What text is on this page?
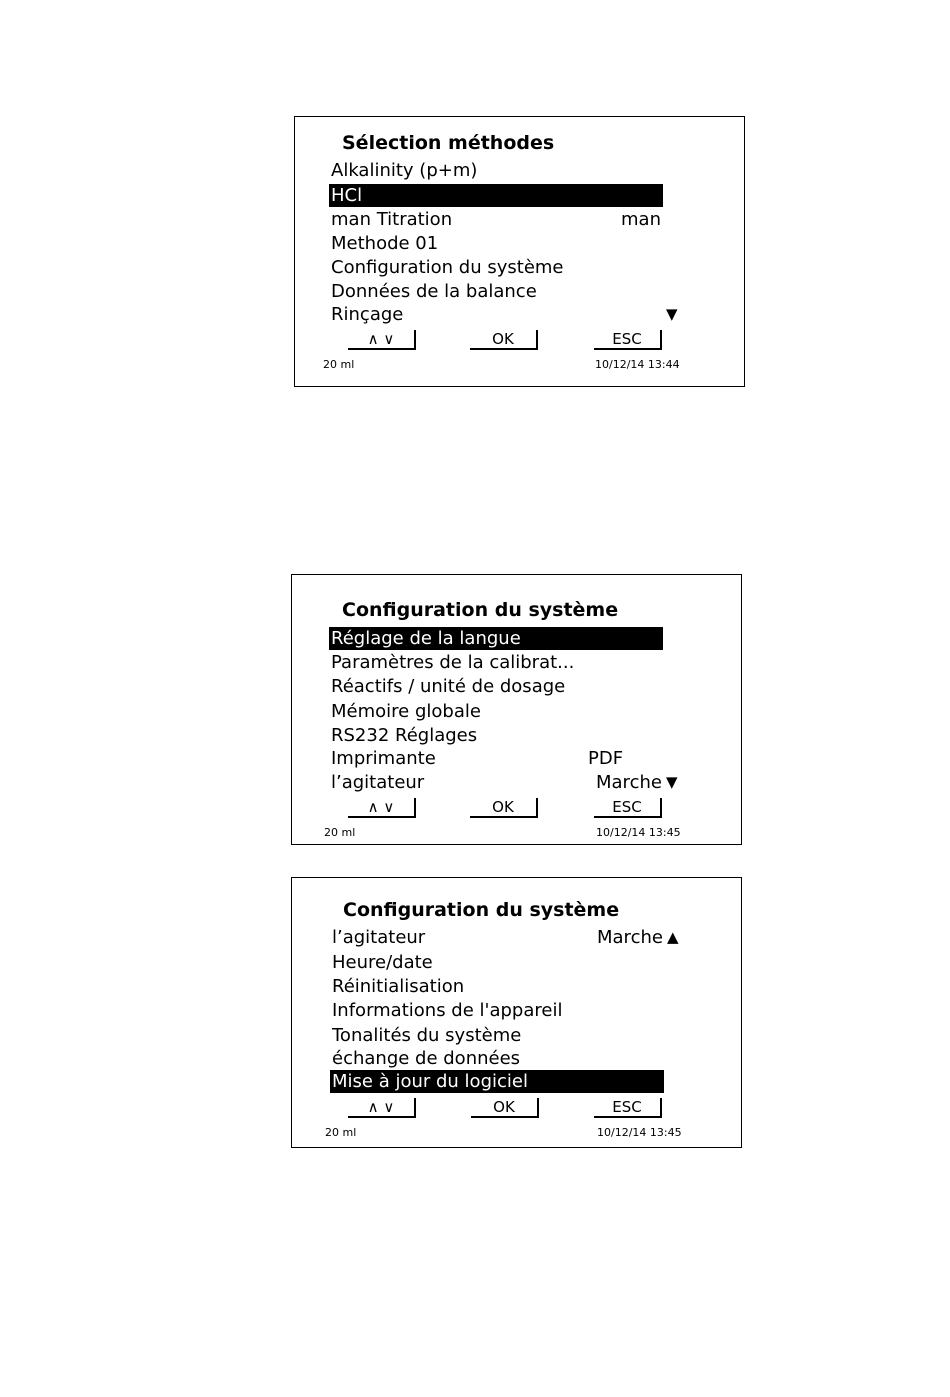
Sélection méthodes
Alkalinity (p+m)
HCl
man Titration	man
Methode 01
Configuration du système
Données de la balance
Rinçage	▼
∧ ∨	OK	ESC
20 ml	10/12/14 13:44
Configuration du système
Réglage de la langue
Paramètres de la calibrat...
Réactifs / unité de dosage
Mémoire globale
RS232 Réglages
Imprimante	PDF
l’agitateur	Marche ▼
∧ ∨	OK	ESC
20 ml	10/12/14 13:45
Configuration du système
l’agitateur	Marche ▲
Heure/date
Réinitialisation
Informations de l'appareil
Tonalités du système
échange de données
Mise à jour du logiciel
∧ ∨	OK	ESC
20 ml	10/12/14 13:45
